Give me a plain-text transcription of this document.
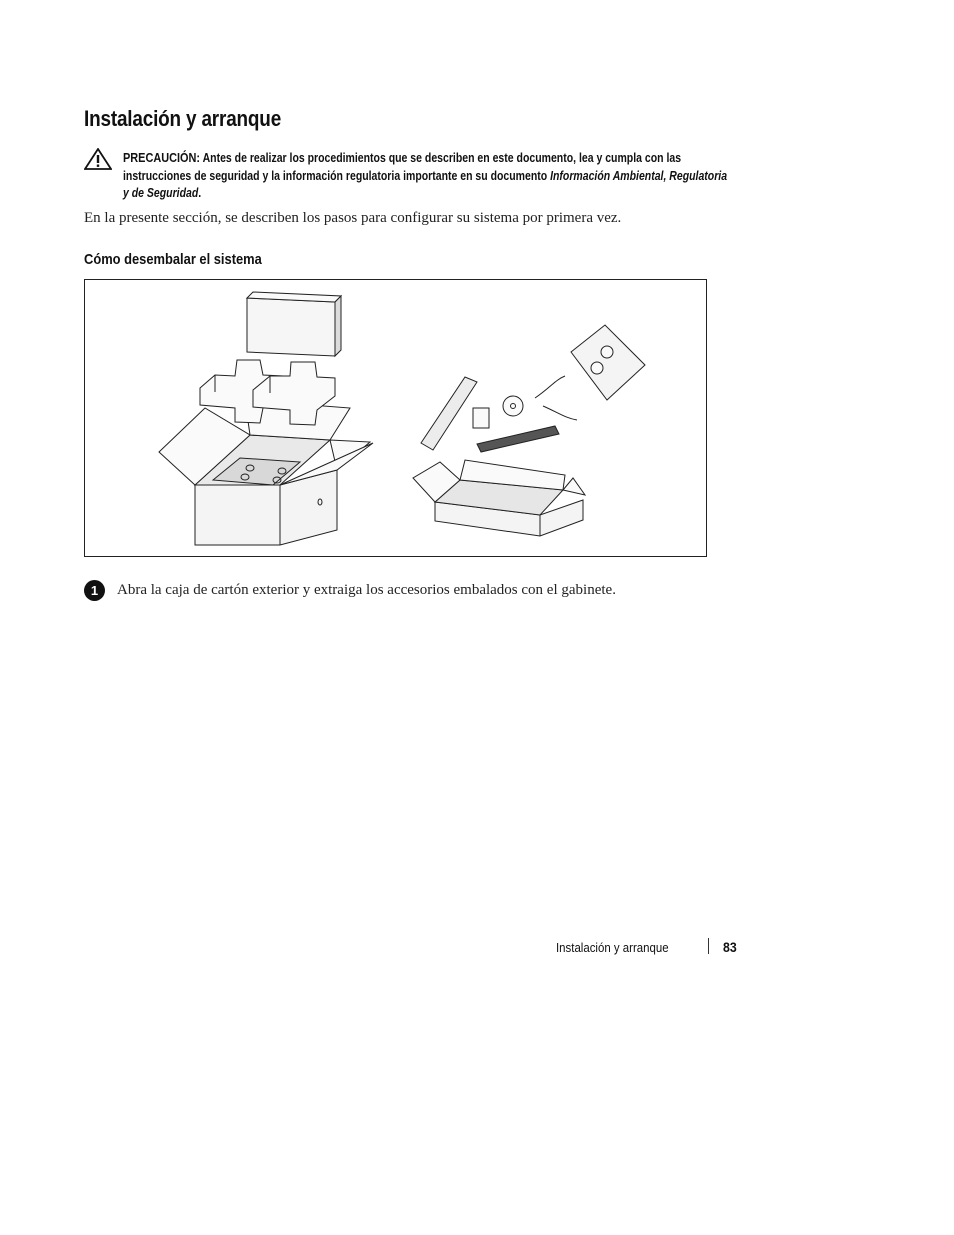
Instalación y arranque

PRECAUCIÓN: Antes de realizar los procedimientos que se describen en este documento, lea y cumpla con las instrucciones de seguridad y la información regulatoria importante en su documento Información Ambiental, Regulatoria y de Seguridad.

En la presente sección, se describen los pasos para configurar su sistema por primera vez.

Cómo desembalar el sistema
1	Abra la caja de cartón exterior y extraiga los accesorios embalados con el gabinete.

Instalación y arranque	83
